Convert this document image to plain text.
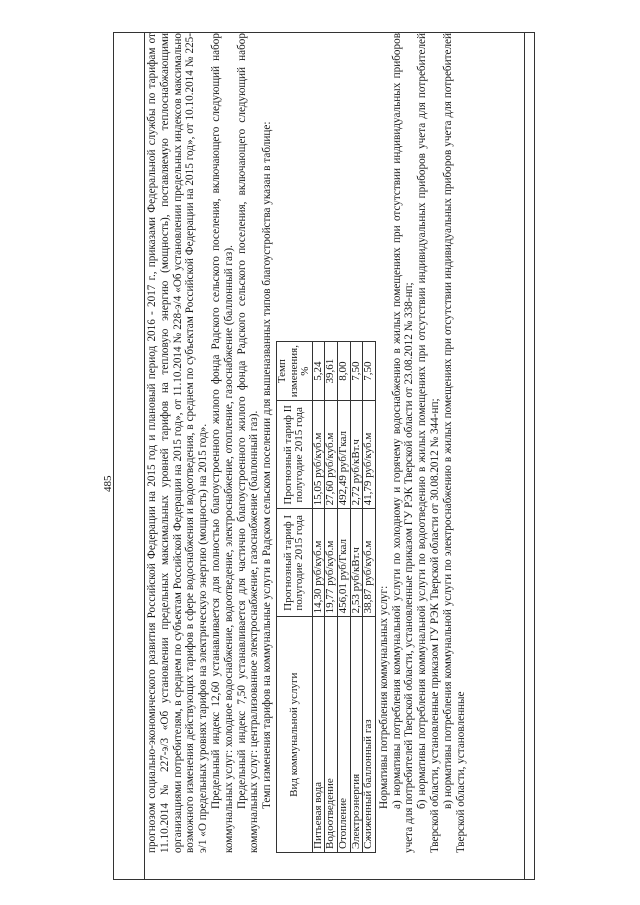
485	прогнозом социально-экономического развития Российской Федерации на 2015 год и плановый период 2016 - 2017 г., приказами Федеральной службы по тарифам от 11.10.2014 № 227-э/3 «Об установлении предельных максимальных уровней тарифов на тепловую энергию (мощность), поставляемую теплоснабжающими организациями потребителям, в среднем по субъектам Российской Федерации на 2015 год», от 11.10.2014 № 228-э/4 «Об установлении предельных индексов максимально возможного изменения действующих тарифов в сфере водоснабжения и водоотведения, в среднем по субъектам Российской Федерации на 2015 год», от 10.10.2014 № 225-э/1 «О предельных уровнях тарифов на электрическую энергию (мощность) на 2015 год». Предельный индекс 12,60 устанавливается для полностью благоустроенного жилого фонда Радского сельского поселения, включающего следующий набор коммунальных услуг: холодное водоснабжение, водоотведение, электроснабжение, отопление, газоснабжение (баллонный газ). Предельный индекс 7,50 устанавливается для частично благоустроенного жилого фонда Радского сельского поселения, включающего следующий набор коммунальных услуг: централизованное электроснабжение, газоснабжение (баллонный газ). Темп изменения тарифов на коммунальные услуги в Радском сельском поселении для вышеназванных типов благоустройства указан в таблице: Вид коммунальной услуги	Прогнозный тариф I полугодие 2015 года	Прогнозный тариф II полугодие 2015 года	Темп изменения, %
Питьевая вода	14,30 руб/куб.м	15,05 руб/куб.м	5,24
Водоотведение	19,77 руб/куб.м	27,60 руб/куб.м	39,61
Отопление	456,01 руб/Гкал	492,49 руб/Гкал	8,00
Электроэнергия	2,53 руб/кВт.ч	2,72 руб/кВт.ч	7,50
Сжиженный баллонный газ	38,87 руб/куб.м	41,79 руб/куб.м	7,50

Нормативы потребления коммунальных услуг: а) нормативы потребления коммунальной услуги по холодному и горячему водоснабжению в жилых помещениях при отсутствии индивидуальных приборов учета для потребителей Тверской области, установленные приказом ГУ РЭК Тверской области от 23.08.2012 № 338-нп; б) нормативы потребления коммунальной услуги по водоотведению в жилых помещениях при отсутствии индивидуальных приборов учета для потребителей Тверской области, установленные приказом ГУ РЭК Тверской области от 30.08.2012 № 344-нп; в) нормативы потребления коммунальной услуги по электроснабжению в жилых помещениях при отсутствии индивидуальных приборов учета для потребителей Тверской области, установленные
